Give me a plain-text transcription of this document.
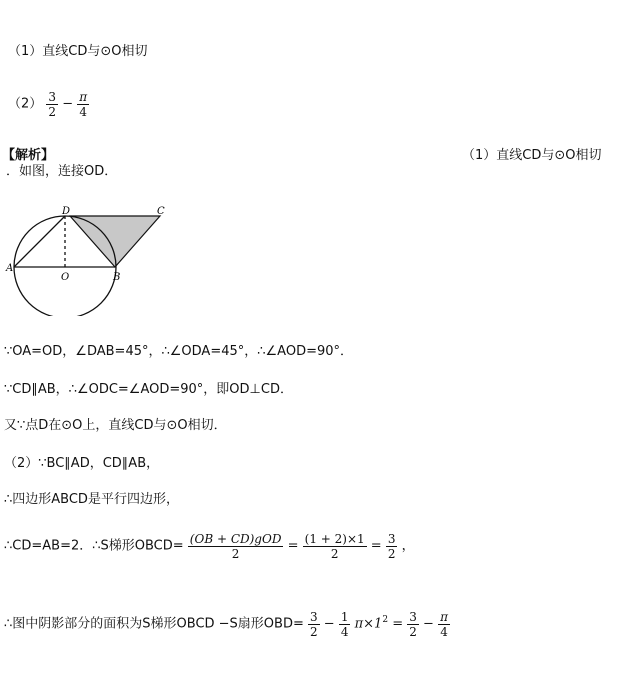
（1）直线CD与⊙O相切
$(2) \frac{3}{2} - \frac{\pi}{4}$
【解析】	（1）直线CD与⊙O相切
．如图，连接OD．
A
O	B
D	C
∵OA=OD，∠DAB=45°，∴∠ODA=45°，∴∠AOD=90°．
∵CD∥AB，∴∠ODC=∠AOD=90°，即OD⊥CD．
又∵点D在⊙O上，直线CD与⊙O相切．
（2）∵BC∥AD，CD∥AB，
∴四边形ABCD是平行四边形，
∴CD=AB=2．∴S梯形OBCD= $\frac{\text{(OB + CD)gOD}}{2} = \frac{(1 + 2)\times 1}{2} = \frac{3}{2}$ ，
∴图中阴影部分的面积为S梯形OBCD −S扇形$OBD= \frac{3}{2} - \frac{1}{4} \pi\times 1^2 = \frac{3}{2} - \frac{\pi}{4}$
